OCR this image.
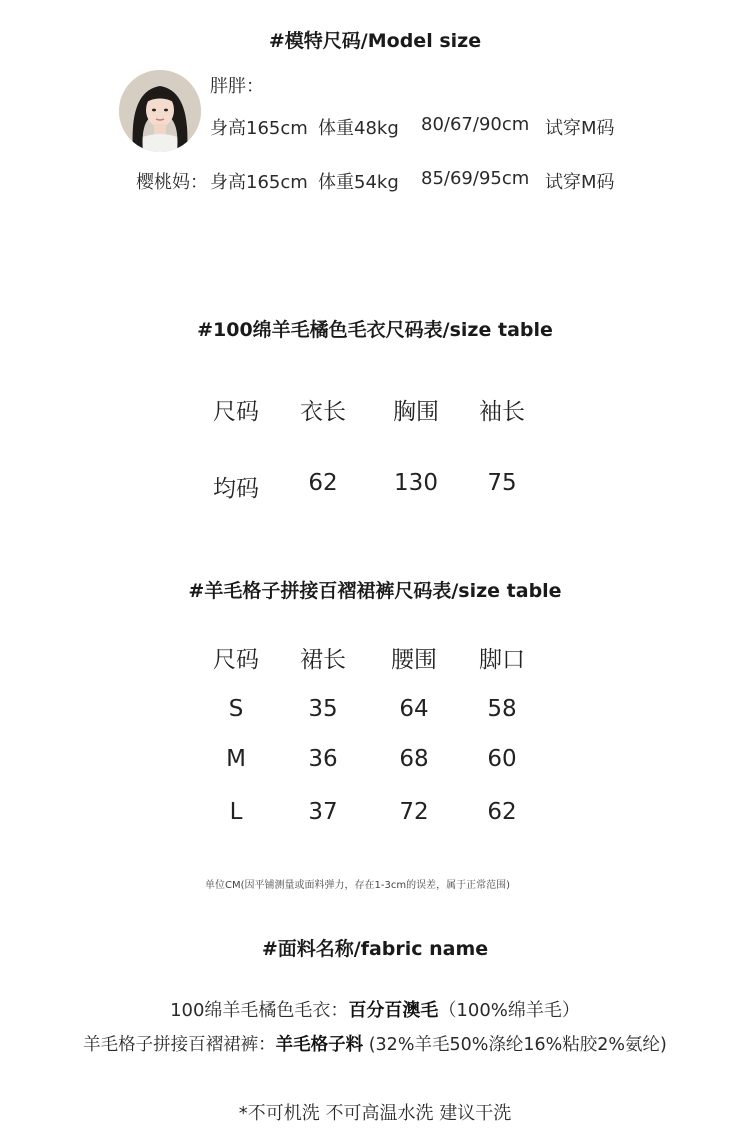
#模特尺码/Model size
胖胖：
身高165cm 体重48kg 80/67/90cm 试穿M码
樱桃妈： 身高165cm 体重54kg 85/69/95cm 试穿M码
#100绵羊毛橘色毛衣尺码表/size table
尺码	衣长	胸围	袖长
均码	62	130	75
#羊毛格子拼接百褶裙裤尺码表/size table
尺码	裙长	腰围	脚口
S	35	64	58
M	36	68	60
L	37	72	62
单位CM(因平铺测量或面料弹力，存在1-3cm的误差，属于正常范围)
#面料名称/fabric name
100绵羊毛橘色毛衣：百分百澳毛（100%绵羊毛）
羊毛格子拼接百褶裙裤：羊毛格子料 (32%羊毛50%涤纶16%粘胶2%氨纶)
*不可机洗 不可高温水洗 建议干洗
